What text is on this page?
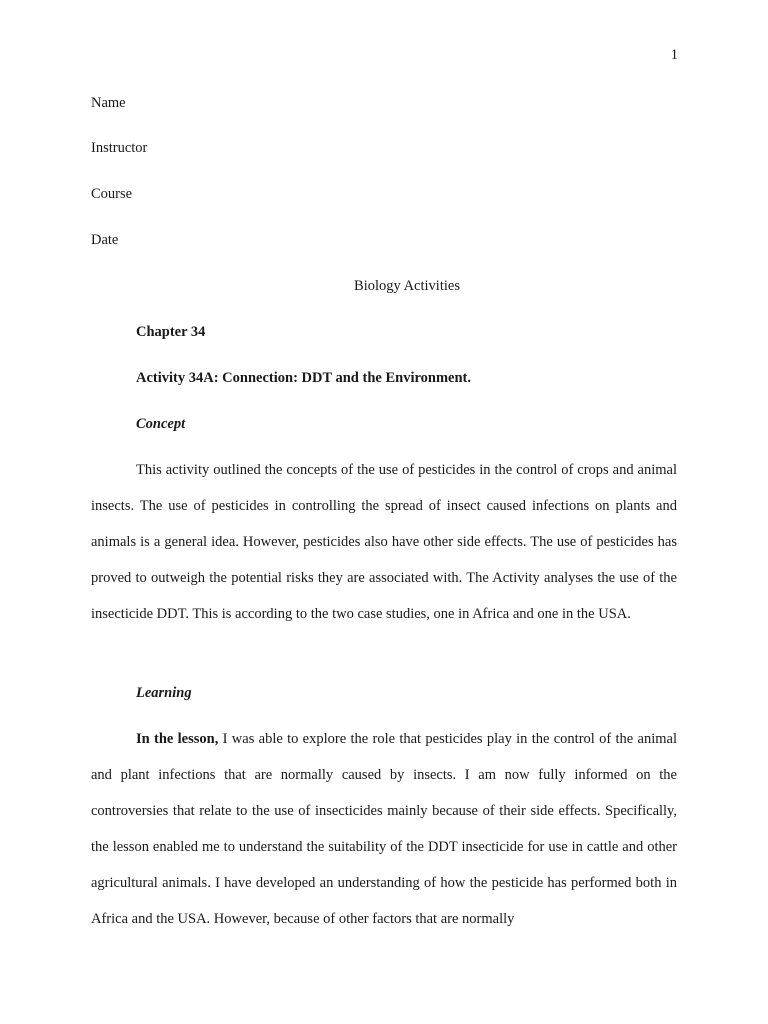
1
Name
Instructor
Course
Date
Biology Activities
Chapter 34
Activity 34A: Connection: DDT and the Environment.
Concept
This activity outlined the concepts of the use of pesticides in the control of crops and animal insects. The use of pesticides in controlling the spread of insect caused infections on plants and animals is a general idea. However, pesticides also have other side effects. The use of pesticides has proved to outweigh the potential risks they are associated with. The Activity analyses the use of the insecticide DDT. This is according to the two case studies, one in Africa and one in the USA.
Learning
In the lesson, I was able to explore the role that pesticides play in the control of the animal and plant infections that are normally caused by insects. I am now fully informed on the controversies that relate to the use of insecticides mainly because of their side effects. Specifically, the lesson enabled me to understand the suitability of the DDT insecticide for use in cattle and other agricultural animals. I have developed an understanding of how the pesticide has performed both in Africa and the USA. However, because of other factors that are normally
